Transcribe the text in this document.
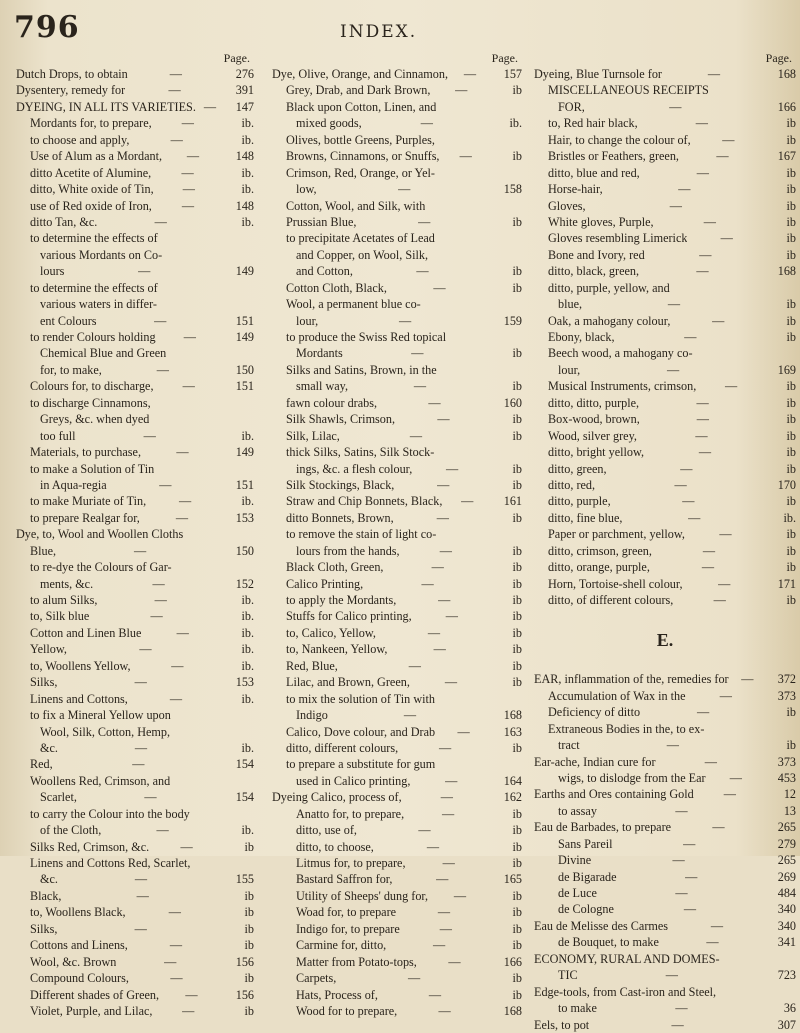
796	INDEX.
Page.
Dutch Drops, to obtain	—	276
Dysentery, remedy for	—	391
DYEING, IN ALL ITS VARIETIES. —	147
Mordants for, to prepare,	—	ib.
to choose and apply,	—	ib.
Use of Alum as a Mordant,	—	148
ditto Acetite of Alumine,	—	ib.
ditto, White oxide of Tin,	—	ib.
use of Red oxide of Iron,	—	148
ditto Tan, &c.	—	ib.
to determine the effects of
various Mordants on Co-
lours	—	149
to determine the effects of
various waters in differ-
ent Colours	—	151
to render Colours holding	—	149
Chemical Blue and Green
for, to make,	—	150
Colours for, to discharge,	—	151
to discharge Cinnamons,
Greys, &c. when dyed
too full	—	ib.
Materials, to purchase,	—	149
to make a Solution of Tin
in Aqua-regia	—	151
to make Muriate of Tin,	—	ib.
to prepare Realgar for,	—	153
Dye, to, Wool and Woollen Cloths
Blue,	—	150
to re-dye the Colours of Gar-
ments, &c.	—	152
to alum Silks,	—	ib.
to, Silk blue	—	ib.
Cotton and Linen Blue	—	ib.
Yellow,	—	ib.
to, Woollens Yellow,	—	ib.
Silks,	—	153
Linens and Cottons,	—	ib.
to fix a Mineral Yellow upon
Wool, Silk, Cotton, Hemp,
&c.	—	ib.
Red,	—	154
Woollens Red, Crimson, and
Scarlet,	—	154
to carry the Colour into the body
of the Cloth,	—	ib.
Silks Red, Crimson, &c.	—	ib
Linens and Cottons Red, Scarlet,
&c.	—	155
Black,	—	ib
to, Woollens Black,	—	ib
Silks,	—	ib
Cottons and Linens,	—	ib
Wool, &c. Brown	—	156
Compound Colours,	—	ib
Different shades of Green,	—	156
Violet, Purple, and Lilac,	—	ib
Page.
Dye, Olive, Orange, and Cinnamon,	—	157
Grey, Drab, and Dark Brown,	—	ib
Black upon Cotton, Linen, and
mixed goods,	—	ib.
Olives, bottle Greens, Purples,
Browns, Cinnamons, or Snuffs,	—	ib
Crimson, Red, Orange, or Yel-
low,	—	158
Cotton, Wool, and Silk, with
Prussian Blue,	—	ib
to precipitate Acetates of Lead
and Copper, on Wool, Silk,
and Cotton,	—	ib
Cotton Cloth, Black,	—	ib
Wool, a permanent blue co-
lour,	—	159
to produce the Swiss Red topical
Mordants	—	ib
Silks and Satins, Brown, in the
small way,	—	ib
fawn colour drabs,	—	160
Silk Shawls, Crimson,	—	ib
Silk, Lilac,	—	ib
thick Silks, Satins, Silk Stock-
ings, &c. a flesh colour,	—	ib
Silk Stockings, Black,	—	ib
Straw and Chip Bonnets, Black,	—	161
ditto Bonnets, Brown,	—	ib
to remove the stain of light co-
lours from the hands,	—	ib
Black Cloth, Green,	—	ib
Calico Printing,	—	ib
to apply the Mordants,	—	ib
Stuffs for Calico printing,	—	ib
to, Calico, Yellow,	—	ib
to, Nankeen, Yellow,	—	ib
Red, Blue,	—	ib
Lilac, and Brown, Green,	—	ib
to mix the solution of Tin with
Indigo	—	168
Calico, Dove colour, and Drab	—	163
ditto, different colours,	—	ib
to prepare a substitute for gum
used in Calico printing,	—	164
Dyeing Calico, process of,	—	162
Anatto for, to prepare,	—	ib
ditto, use of,	—	ib
ditto, to choose,	—	ib
Litmus for, to prepare,	—	ib
Bastard Saffron for,	—	165
Utility of Sheeps' dung for,	—	ib
Woad for, to prepare	—	ib
Indigo for, to prepare	—	ib
Carmine for, ditto,	—	ib
Matter from Potato-tops,	—	166
Carpets,	—	ib
Hats, Process of,	—	ib
Wood for to prepare,	—	168
Page.
Dyeing, Blue Turnsole for	—	168
MISCELLANEOUS RECEIPTS
FOR,	—	166
to, Red hair black,	—	ib
Hair, to change the colour of,	—	ib
Bristles or Feathers, green,	—	167
ditto, blue and red,	—	ib
Horse-hair,	—	ib
Gloves,	—	ib
White gloves, Purple,	—	ib
Gloves resembling Limerick	—	ib
Bone and Ivory, red	—	ib
ditto, black, green,	—	168
ditto, purple, yellow, and
blue,	—	ib
Oak, a mahogany colour,	—	ib
Ebony, black,	—	ib
Beech wood, a mahogany co-
lour,	—	169
Musical Instruments, crimson,	—	ib
ditto, ditto, purple,	—	ib
Box-wood, brown,	—	ib
Wood, silver grey,	—	ib
ditto, bright yellow,	—	ib
ditto, green,	—	ib
ditto, red,	—	170
ditto, purple,	—	ib
ditto, fine blue,	—	ib.
Paper or parchment, yellow,	—	ib
ditto, crimson, green,	—	ib
ditto, orange, purple,	—	ib
Horn, Tortoise-shell colour,	—	171
ditto, of different colours,	—	ib
E.
EAR, inflammation of the, remedies for	—	372
Accumulation of Wax in the	—	373
Deficiency of ditto	—	ib
Extraneous Bodies in the, to ex-
tract	—	ib
Ear-ache, Indian cure for	—	373
wigs, to dislodge from the Ear	—	453
Earths and Ores containing Gold	—	12
to assay	—	13
Eau de Barbades, to prepare	—	265
Sans Pareil	—	279
Divine	—	265
de Bigarade	—	269
de Luce	—	484
de Cologne	—	340
Eau de Melisse des Carmes	—	340
de Bouquet, to make	—	341
ECONOMY, RURAL AND DOMES-
TIC	—	723
Edge-tools, from Cast-iron and Steel,
to make	—	36
Eels, to pot	—	307
